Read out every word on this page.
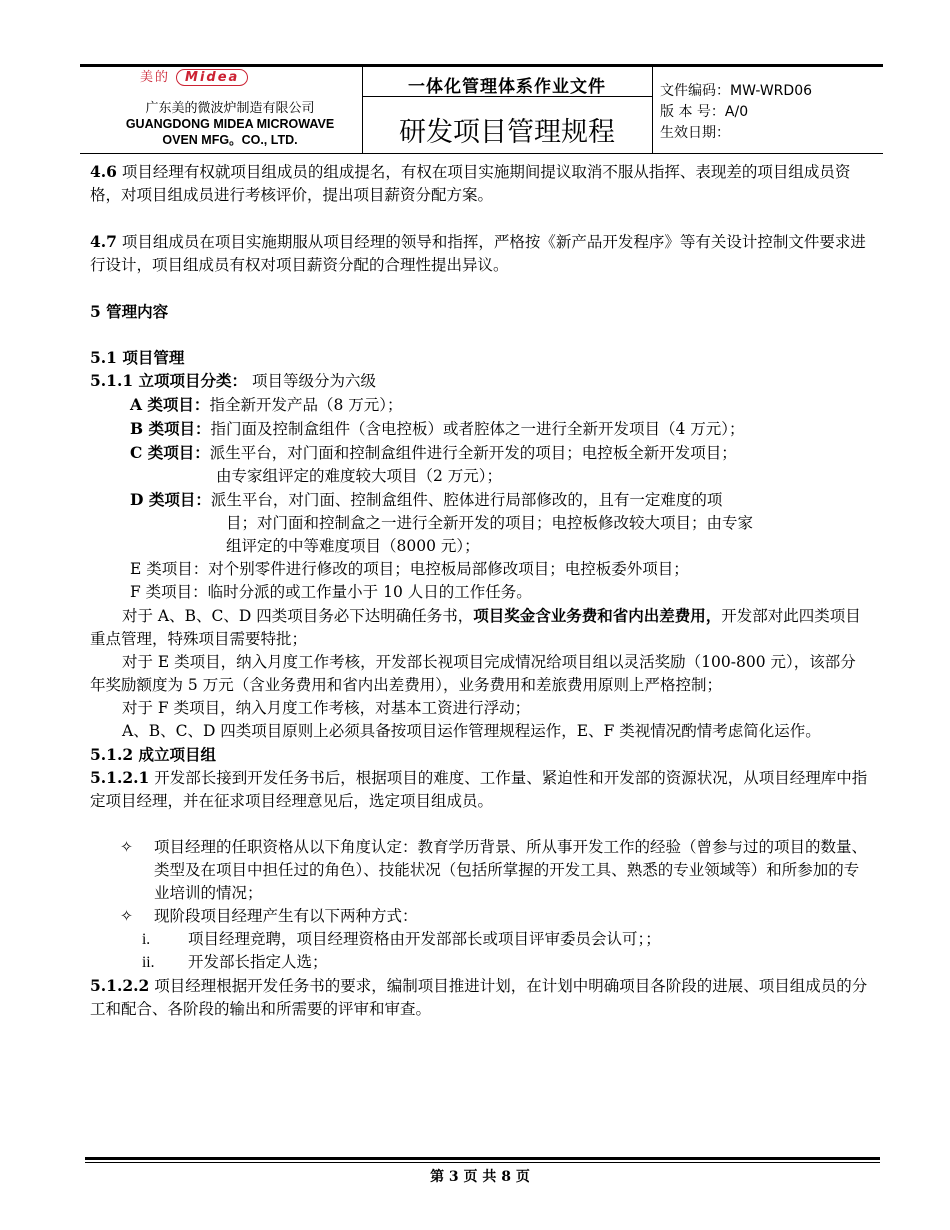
美的 Midea
广东美的微波炉制造有限公司
GUANGDONG MIDEA MICROWAVE
OVEN MFG。CO., LTD.
一体化管理体系作业文件
研发项目管理规程
文件编码：MW-WRD06
版 本 号：A/0
生效日期：

4.6 项目经理有权就项目组成员的组成提名，有权在项目实施期间提议取消不服从指挥、表现差的项目组成员资格，对项目组成员进行考核评价，提出项目薪资分配方案。

4.7 项目组成员在项目实施期服从项目经理的领导和指挥，严格按《新产品开发程序》等有关设计控制文件要求进行设计，项目组成员有权对项目薪资分配的合理性提出异议。

5 管理内容

5.1 项目管理

5.1.1 立项项目分类： 项目等级分为六级

A 类项目：指全新开发产品（8 万元）；

B 类项目：指门面及控制盒组件（含电控板）或者腔体之一进行全新开发项目（4 万元）；

C 类项目：派生平台，对门面和控制盒组件进行全新开发的项目；电控板全新开发项目；

由专家组评定的难度较大项目（2 万元）；

D 类项目：派生平台，对门面、控制盒组件、腔体进行局部修改的，且有一定难度的项

目；对门面和控制盒之一进行全新开发的项目；电控板修改较大项目；由专家

组评定的中等难度项目（8000 元）；

E 类项目：对个别零件进行修改的项目；电控板局部修改项目；电控板委外项目；

F 类项目：临时分派的或工作量小于 10 人日的工作任务。

对于 A、B、C、D 四类项目务必下达明确任务书，项目奖金含业务费和省内出差费用，开发部对此四类项目重点管理，特殊项目需要特批；

对于 E 类项目，纳入月度工作考核，开发部长视项目完成情况给项目组以灵活奖励（100-800 元），该部分年奖励额度为 5 万元（含业务费用和省内出差费用），业务费用和差旅费用原则上严格控制；

对于 F 类项目，纳入月度工作考核，对基本工资进行浮动；

A、B、C、D 四类项目原则上必须具备按项目运作管理规程运作，E、F 类视情况酌情考虑简化运作。

5.1.2 成立项目组

5.1.2.1 开发部长接到开发任务书后，根据项目的难度、工作量、紧迫性和开发部的资源状况，从项目经理库中指定项目经理，并在征求项目经理意见后，选定项目组成员。

✧ 项目经理的任职资格从以下角度认定：教育学历背景、所从事开发工作的经验（曾参与过的项目的数量、类型及在项目中担任过的角色）、技能状况（包括所掌握的开发工具、熟悉的专业领域等）和所参加的专业培训的情况；

✧ 现阶段项目经理产生有以下两种方式：

i. 项目经理竞聘，项目经理资格由开发部部长或项目评审委员会认可；；

ii. 开发部长指定人选；

5.1.2.2 项目经理根据开发任务书的要求，编制项目推进计划，在计划中明确项目各阶段的进展、项目组成员的分工和配合、各阶段的输出和所需要的评审和审查。

第 3 页 共 8 页
